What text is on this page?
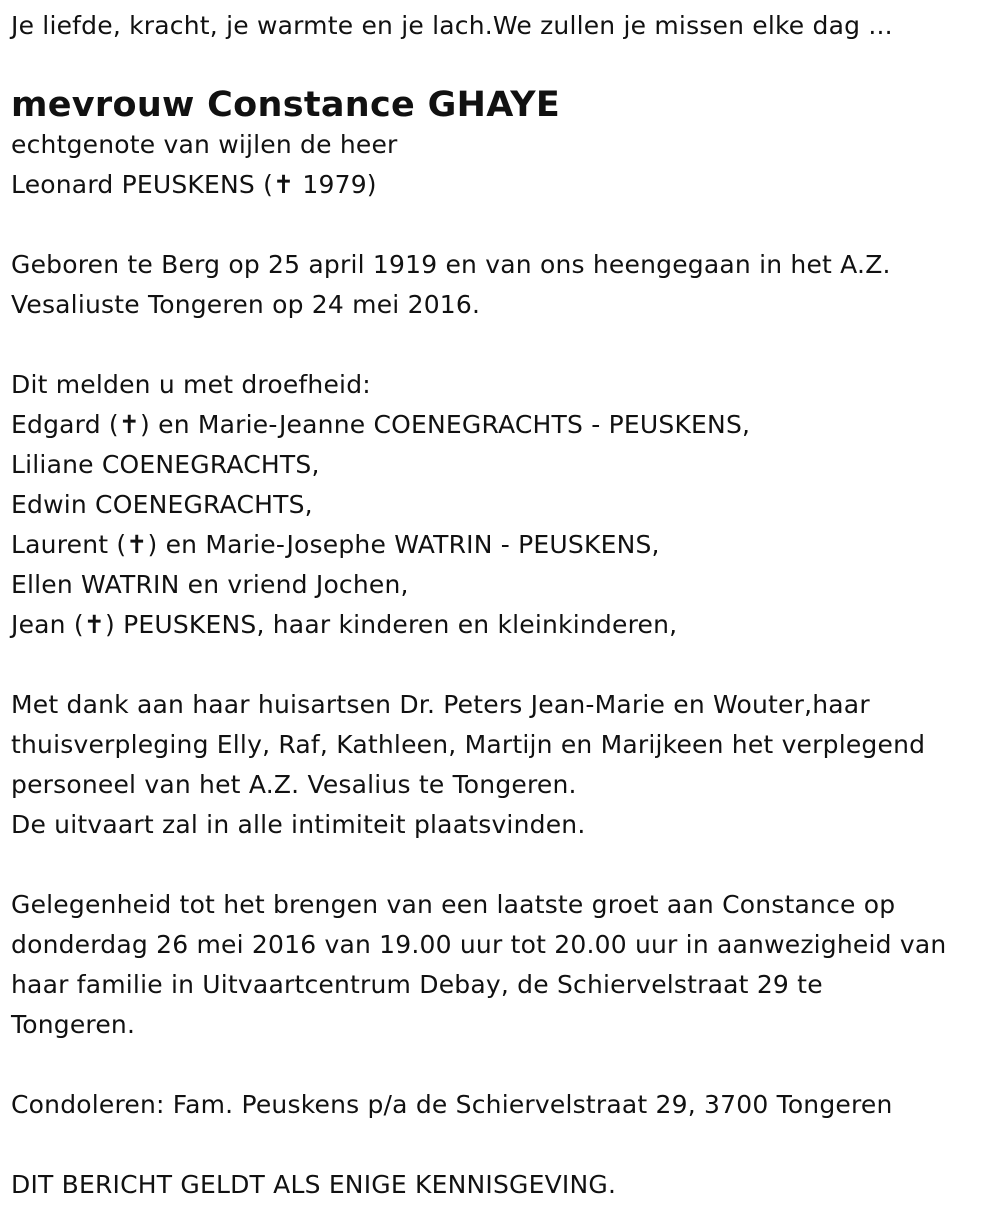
Je liefde, kracht, je warmte en je lach.We zullen je missen elke dag ...
mevrouw Constance GHAYE
echtgenote van wijlen de heer
Leonard PEUSKENS (✝ 1979)
Geboren te Berg op 25 april 1919 en van ons heengegaan in het A.Z.
Vesaliuste Tongeren op 24 mei 2016.
Dit melden u met droefheid:
Edgard (✝) en Marie-Jeanne COENEGRACHTS - PEUSKENS,
Liliane COENEGRACHTS,
Edwin COENEGRACHTS,
Laurent (✝) en Marie-Josephe WATRIN - PEUSKENS,
Ellen WATRIN en vriend Jochen,
Jean (✝) PEUSKENS, haar kinderen en kleinkinderen,
Met dank aan haar huisartsen Dr. Peters Jean-Marie en Wouter,haar
thuisverpleging Elly, Raf, Kathleen, Martijn en Marijkeen het verplegend
personeel van het A.Z. Vesalius te Tongeren.
De uitvaart zal in alle intimiteit plaatsvinden.
Gelegenheid tot het brengen van een laatste groet aan Constance op
donderdag 26 mei 2016 van 19.00 uur tot 20.00 uur in aanwezigheid van
haar familie in Uitvaartcentrum Debay, de Schiervelstraat 29 te
Tongeren.
Condoleren: Fam. Peuskens p/a de Schiervelstraat 29, 3700 Tongeren
DIT BERICHT GELDT ALS ENIGE KENNISGEVING.
